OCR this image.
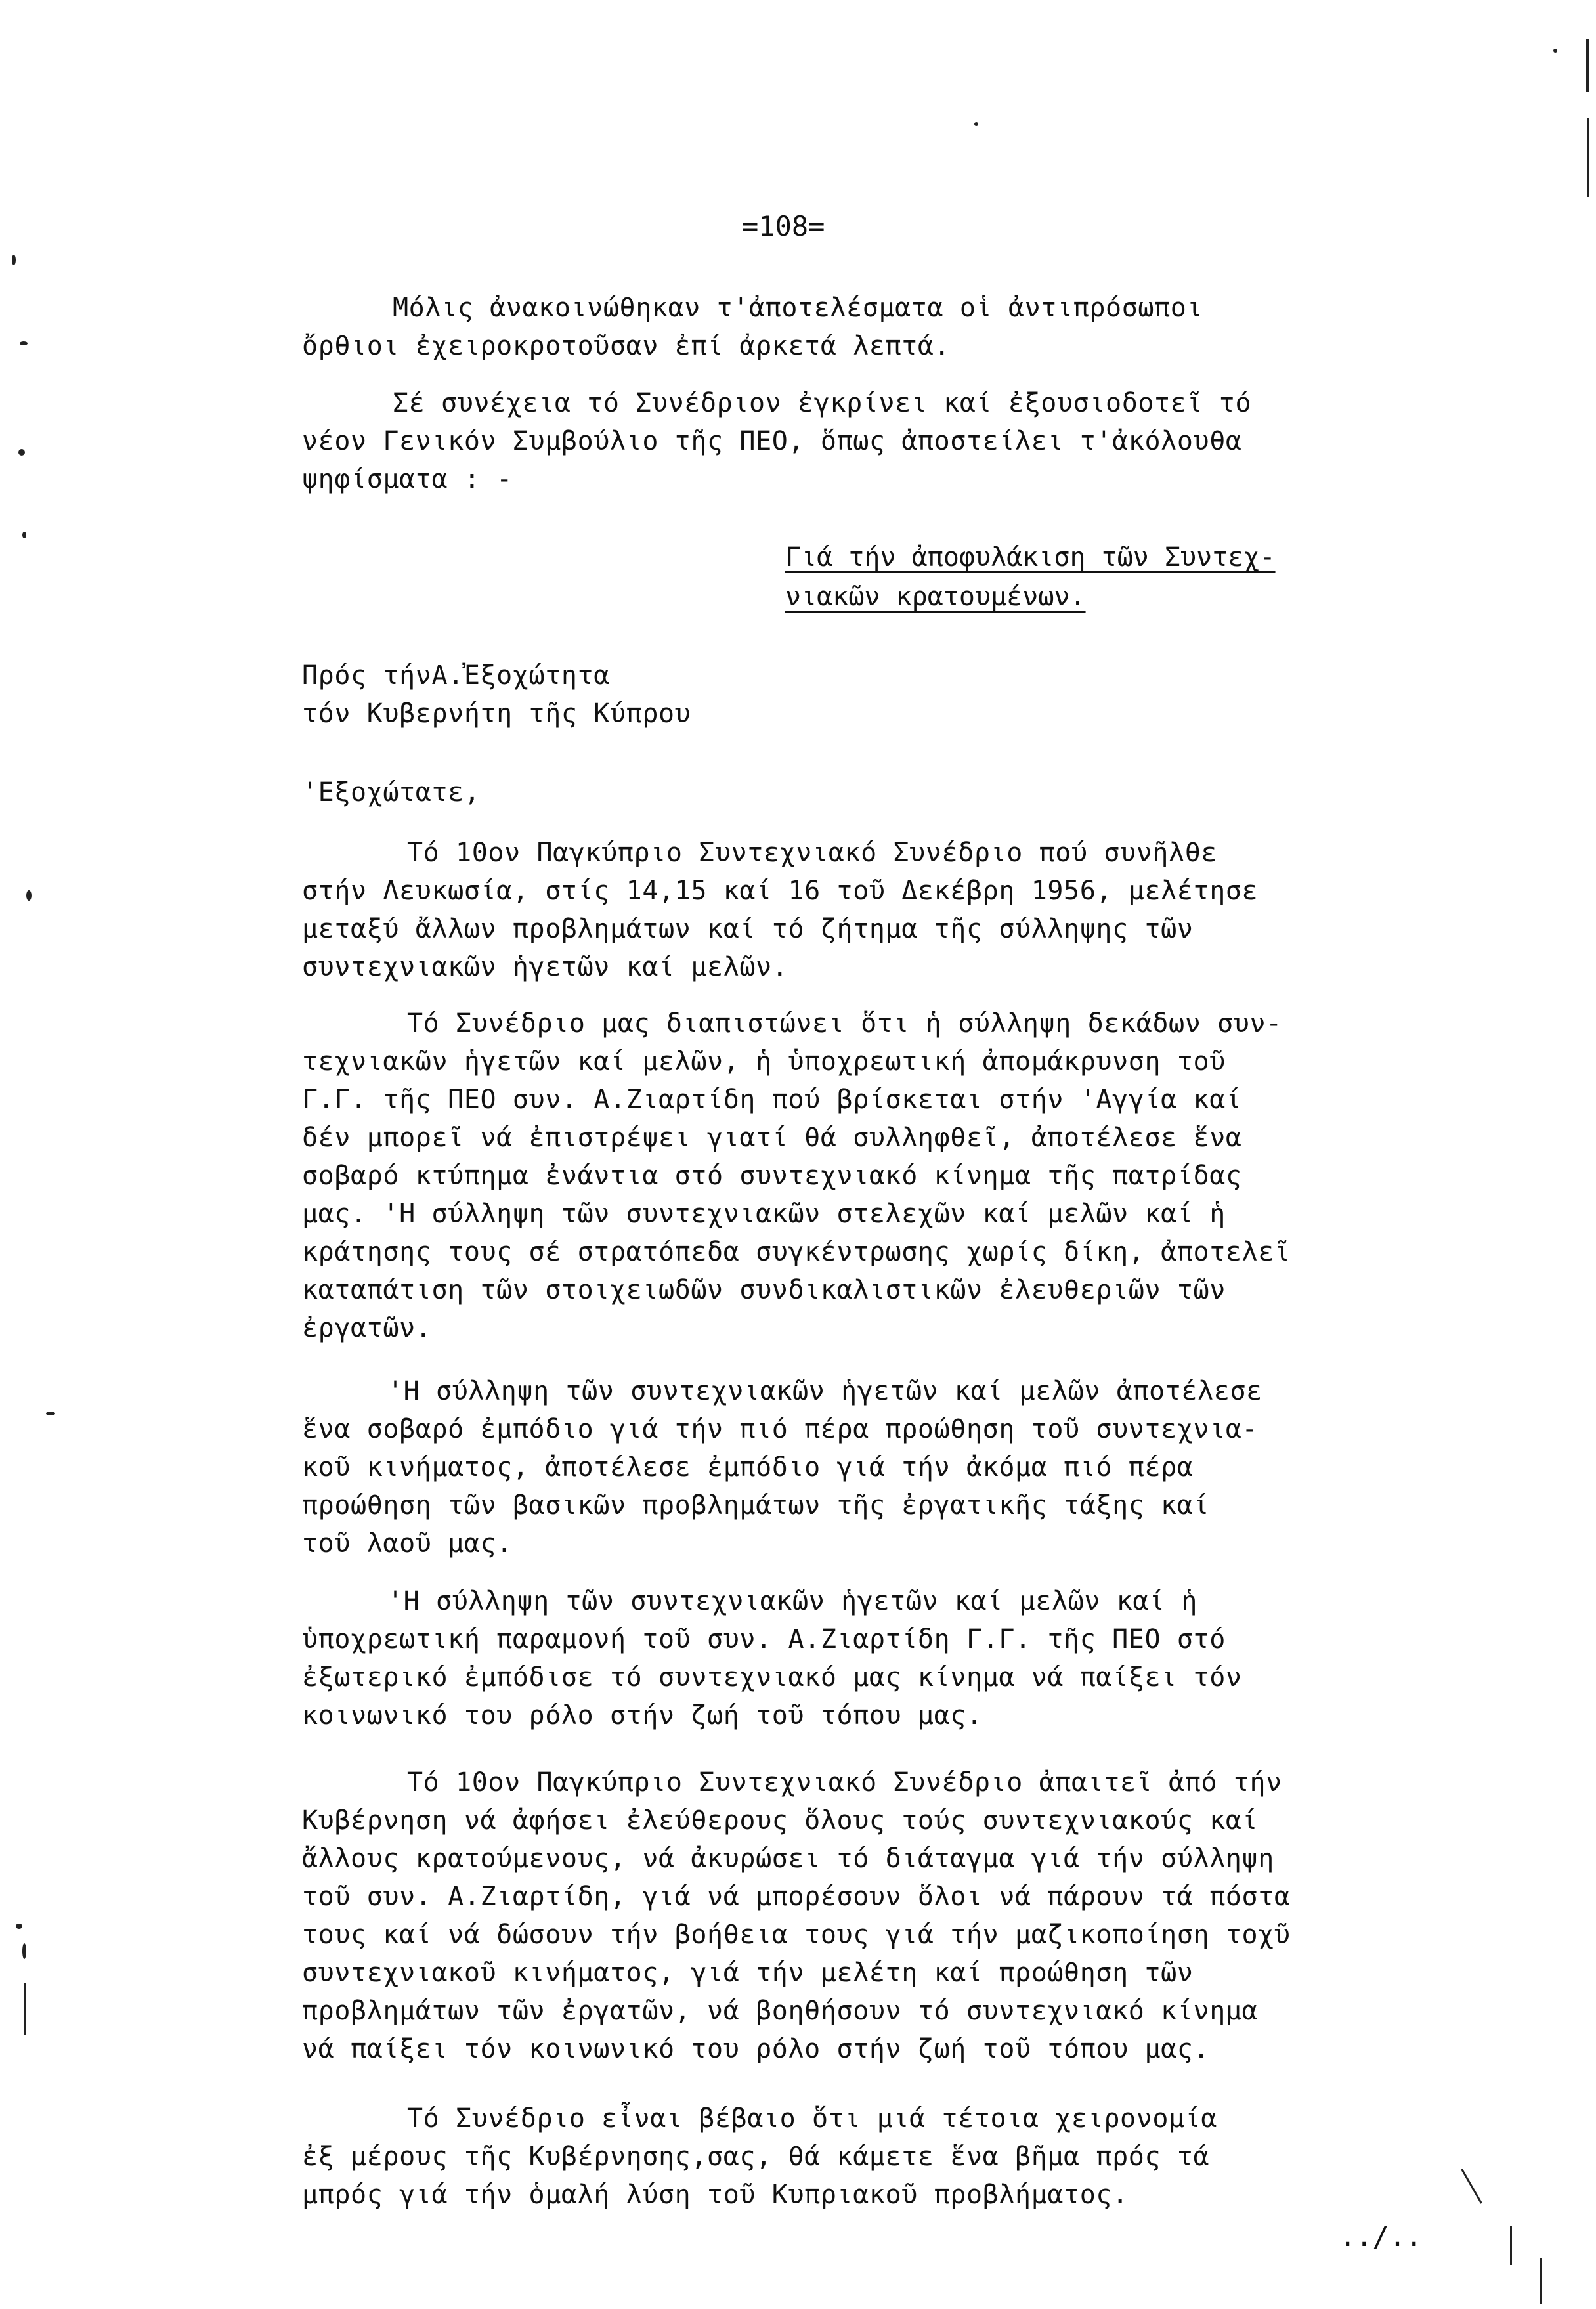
=108=
Μόλις ἀνακοινώθηκαν τ'ἀποτελέσματα οἱ ἀντιπρόσωποι
ὄρθιοι ἐχειροκροτοῦσαν ἐπί ἀρκετά λεπτά.
Σέ συνέχεια τό Συνέδριον ἐγκρίνει καί ἐξουσιοδοτεῖ τό
νέον Γενικόν Συμβούλιο τῆς ΠΕΟ, ὅπως ἀποστείλει τ'ἀκόλουθα
ψηφίσματα : -
Γιά τήν ἀποφυλάκιση τῶν Συντεχ-
νιακῶν κρατουμένων.
Πρός τήνΑ.Ἐξοχώτητα
τόν Κυβερνήτη τῆς Κύπρου
'Εξοχώτατε,
Τό 10ον Παγκύπριο Συντεχνιακό Συνέδριο πού συνῆλθε
στήν Λευκωσία, στίς 14,15 καί 16 τοῦ Δεκέβρη 1956, μελέτησε
μεταξύ ἄλλων προβλημάτων καί τό ζήτημα τῆς σύλληψης τῶν
συντεχνιακῶν ἡγετῶν καί μελῶν.
Τό Συνέδριο μας διαπιστώνει ὅτι ἡ σύλληψη δεκάδων συν-
τεχνιακῶν ἡγετῶν καί μελῶν, ἡ ὑποχρεωτική ἀπομάκρυνση τοῦ
Γ.Γ. τῆς ΠΕΟ συν. Α.Ζιαρτίδη πού βρίσκεται στήν 'Αγγία καί
δέν μπορεῖ νά ἐπιστρέψει γιατί θά συλληφθεῖ, ἀποτέλεσε ἕνα
σοβαρό κτύπημα ἐνάντια στό συντεχνιακό κίνημα τῆς πατρίδας
μας. 'Η σύλληψη τῶν συντεχνιακῶν στελεχῶν καί μελῶν καί ἡ
κράτησης τους σέ στρατόπεδα συγκέντρωσης χωρίς δίκη, ἀποτελεῖ
καταπάτιση τῶν στοιχειωδῶν συνδικαλιστικῶν ἐλευθεριῶν τῶν
ἐργατῶν.
'Η σύλληψη τῶν συντεχνιακῶν ἡγετῶν καί μελῶν ἀποτέλεσε
ἕνα σοβαρό ἐμπόδιο γιά τήν πιό πέρα προώθηση τοῦ συντεχνια-
κοῦ κινήματος, ἀποτέλεσε ἐμπόδιο γιά τήν ἀκόμα πιό πέρα
προώθηση τῶν βασικῶν προβλημάτων τῆς ἐργατικῆς τάξης καί
τοῦ λαοῦ μας.
'Η σύλληψη τῶν συντεχνιακῶν ἡγετῶν καί μελῶν καί ἡ
ὑποχρεωτική παραμονή τοῦ συν. Α.Ζιαρτίδη Γ.Γ. τῆς ΠΕΟ στό
ἐξωτερικό ἐμπόδισε τό συντεχνιακό μας κίνημα νά παίξει τόν
κοινωνικό του ρόλο στήν ζωή τοῦ τόπου μας.
Τό 10ον Παγκύπριο Συντεχνιακό Συνέδριο ἀπαιτεῖ ἀπό τήν
Κυβέρνηση νά ἀφήσει ἐλεύθερους ὅλους τούς συντεχνιακούς καί
ἄλλους κρατούμενους, νά ἀκυρώσει τό διάταγμα γιά τήν σύλληψη
τοῦ συν. Α.Ζιαρτίδη, γιά νά μπορέσουν ὅλοι νά πάρουν τά πόστα
τους καί νά δώσουν τήν βοήθεια τους γιά τήν μαζικοποίηση τοχῦ
συντεχνιακοῦ κινήματος, γιά τήν μελέτη καί προώθηση τῶν
προβλημάτων τῶν ἐργατῶν, νά βοηθήσουν τό συντεχνιακό κίνημα
νά παίξει τόν κοινωνικό του ρόλο στήν ζωή τοῦ τόπου μας.
Τό Συνέδριο εἶναι βέβαιο ὅτι μιά τέτοια χειρονομία
ἐξ μέρους τῆς Κυβέρνησης,σας, θά κάμετε ἕνα βῆμα πρός τά
μπρός γιά τήν ὁμαλή λύση τοῦ Κυπριακοῦ προβλήματος.
../..
